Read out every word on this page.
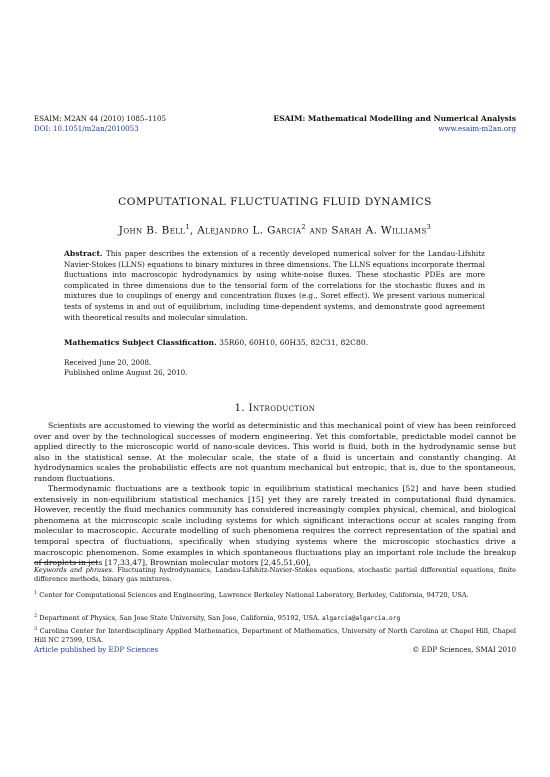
ESAIM: M2AN 44 (2010) 1085–1105	ESAIM: Mathematical Modelling and Numerical Analysis
DOI: 10.1051/m2an/2010053	www.esaim-m2an.org
COMPUTATIONAL FLUCTUATING FLUID DYNAMICS
John B. Bell$^1$, Alejandro L. Garcia$^2$ and Sarah A. Williams$^3$
Abstract. This paper describes the extension of a recently developed numerical solver for the Landau-Lifshitz Navier-Stokes (LLNS) equations to binary mixtures in three dimensions. The LLNS equations incorporate thermal fluctuations into macroscopic hydrodynamics by using white-noise fluxes. These stochastic PDEs are more complicated in three dimensions due to the tensorial form of the correlations for the stochastic fluxes and in mixtures due to couplings of energy and concentration fluxes (e.g., Soret effect). We present various numerical tests of systems in and out of equilibrium, including time-dependent systems, and demonstrate good agreement with theoretical results and molecular simulation.
Mathematics Subject Classification. 35R60, 60H10, 60H35, 82C31, 82C80.
Received June 20, 2008.
Published online August 26, 2010.
1. Introduction

Scientists are accustomed to viewing the world as deterministic and this mechanical point of view has been reinforced over and over by the technological successes of modern engineering. Yet this comfortable, predictable model cannot be applied directly to the microscopic world of nano-scale devices. This world is fluid, both in the hydrodynamic sense but also in the statistical sense. At the molecular scale, the state of a fluid is uncertain and constantly changing. At hydrodynamics scales the probabilistic effects are not quantum mechanical but entropic, that is, due to the spontaneous, random fluctuations.

Thermodynamic fluctuations are a textbook topic in equilibrium statistical mechanics [52] and have been studied extensively in non-equilibrium statistical mechanics [15] yet they are rarely treated in computational fluid dynamics. However, recently the fluid mechanics community has considered increasingly complex physical, chemical, and biological phenomena at the microscopic scale including systems for which significant interactions occur at scales ranging from molecular to macroscopic. Accurate modelling of such phenomena requires the correct representation of the spatial and temporal spectra of fluctuations, specifically when studying systems where the microscopic stochastics drive a macroscopic phenomenon. Some examples in which spontaneous fluctuations play an important role include the breakup of droplets in jets [17,33,47], Brownian molecular motors [2,45,51,60],

Keywords and phrases. Fluctuating hydrodynamics, Landau-Lifshitz-Navier-Stokes equations, stochastic partial differential equations, finite difference methods, binary gas mixtures.
$^1$ Center for Computational Sciences and Engineering, Lawrence Berkeley National Laboratory, Berkeley, California, 94720, USA.
$^2$ Department of Physics, San Jose State University, San Jose, California, 95192, USA. algarcia@algarcia.org
$^3$ Carolina Center for Interdisciplinary Applied Mathematics, Department of Mathematics, University of North Carolina at Chapel Hill, Chapel Hill NC 27599, USA.
Article published by EDP Sciences	© EDP Sciences, SMAI 2010
